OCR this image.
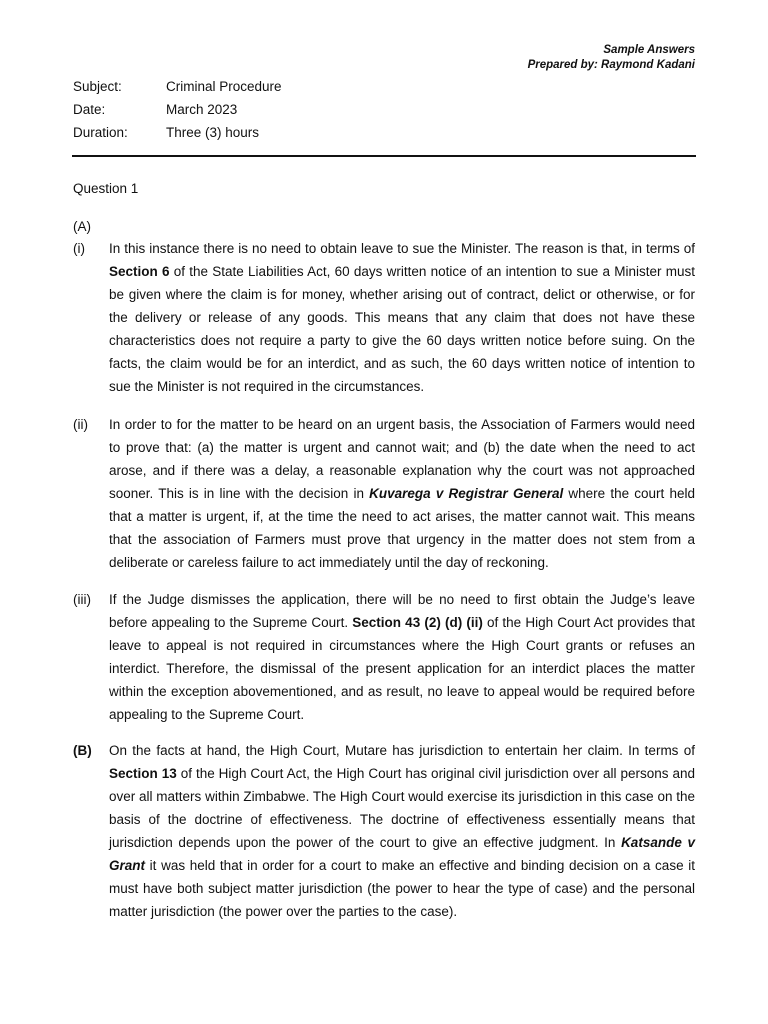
Sample Answers
Prepared by: Raymond Kadani
Subject:	Criminal Procedure
Date:	March 2023
Duration:	Three (3) hours
Question 1
(A)
(i) In this instance there is no need to obtain leave to sue the Minister. The reason is that, in terms of Section 6 of the State Liabilities Act, 60 days written notice of an intention to sue a Minister must be given where the claim is for money, whether arising out of contract, delict or otherwise, or for the delivery or release of any goods. This means that any claim that does not have these characteristics does not require a party to give the 60 days written notice before suing. On the facts, the claim would be for an interdict, and as such, the 60 days written notice of intention to sue the Minister is not required in the circumstances.
(ii) In order to for the matter to be heard on an urgent basis, the Association of Farmers would need to prove that: (a) the matter is urgent and cannot wait; and (b) the date when the need to act arose, and if there was a delay, a reasonable explanation why the court was not approached sooner. This is in line with the decision in Kuvarega v Registrar General where the court held that a matter is urgent, if, at the time the need to act arises, the matter cannot wait. This means that the association of Farmers must prove that urgency in the matter does not stem from a deliberate or careless failure to act immediately until the day of reckoning.
(iii) If the Judge dismisses the application, there will be no need to first obtain the Judge’s leave before appealing to the Supreme Court. Section 43 (2) (d) (ii) of the High Court Act provides that leave to appeal is not required in circumstances where the High Court grants or refuses an interdict. Therefore, the dismissal of the present application for an interdict places the matter within the exception abovementioned, and as result, no leave to appeal would be required before appealing to the Supreme Court.
(B) On the facts at hand, the High Court, Mutare has jurisdiction to entertain her claim. In terms of Section 13 of the High Court Act, the High Court has original civil jurisdiction over all persons and over all matters within Zimbabwe. The High Court would exercise its jurisdiction in this case on the basis of the doctrine of effectiveness. The doctrine of effectiveness essentially means that jurisdiction depends upon the power of the court to give an effective judgment. In Katsande v Grant it was held that in order for a court to make an effective and binding decision on a case it must have both subject matter jurisdiction (the power to hear the type of case) and the personal matter jurisdiction (the power over the parties to the case).
